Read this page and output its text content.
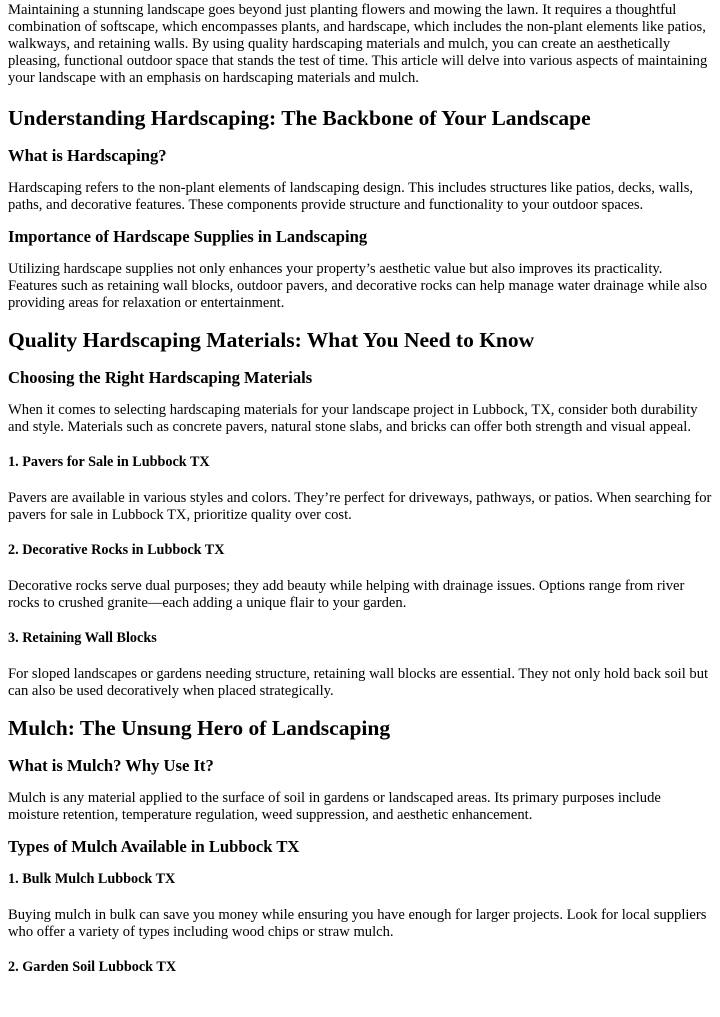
Maintaining a stunning landscape goes beyond just planting flowers and mowing the lawn. It requires a thoughtful combination of softscape, which encompasses plants, and hardscape, which includes the non-plant elements like patios, walkways, and retaining walls. By using quality hardscaping materials and mulch, you can create an aesthetically pleasing, functional outdoor space that stands the test of time. This article will delve into various aspects of maintaining your landscape with an emphasis on hardscaping materials and mulch.

Understanding Hardscaping: The Backbone of Your Landscape
What is Hardscaping?

Hardscaping refers to the non-plant elements of landscaping design. This includes structures like patios, decks, walls, paths, and decorative features. These components provide structure and functionality to your outdoor spaces.

Importance of Hardscape Supplies in Landscaping

Utilizing hardscape supplies not only enhances your property’s aesthetic value but also improves its practicality. Features such as retaining wall blocks, outdoor pavers, and decorative rocks can help manage water drainage while also providing areas for relaxation or entertainment.

Quality Hardscaping Materials: What You Need to Know
Choosing the Right Hardscaping Materials

When it comes to selecting hardscaping materials for your landscape project in Lubbock, TX, consider both durability and style. Materials such as concrete pavers, natural stone slabs, and bricks can offer both strength and visual appeal.

1. Pavers for Sale in Lubbock TX

Pavers are available in various styles and colors. They’re perfect for driveways, pathways, or patios. When searching for pavers for sale in Lubbock TX, prioritize quality over cost.

2. Decorative Rocks in Lubbock TX

Decorative rocks serve dual purposes; they add beauty while helping with drainage issues. Options range from river rocks to crushed granite—each adding a unique flair to your garden.

3. Retaining Wall Blocks

For sloped landscapes or gardens needing structure, retaining wall blocks are essential. They not only hold back soil but can also be used decoratively when placed strategically.

Mulch: The Unsung Hero of Landscaping
What is Mulch? Why Use It?

Mulch is any material applied to the surface of soil in gardens or landscaped areas. Its primary purposes include moisture retention, temperature regulation, weed suppression, and aesthetic enhancement.

Types of Mulch Available in Lubbock TX
1. Bulk Mulch Lubbock TX

Buying mulch in bulk can save you money while ensuring you have enough for larger projects. Look for local suppliers who offer a variety of types including wood chips or straw mulch.

2. Garden Soil Lubbock TX
